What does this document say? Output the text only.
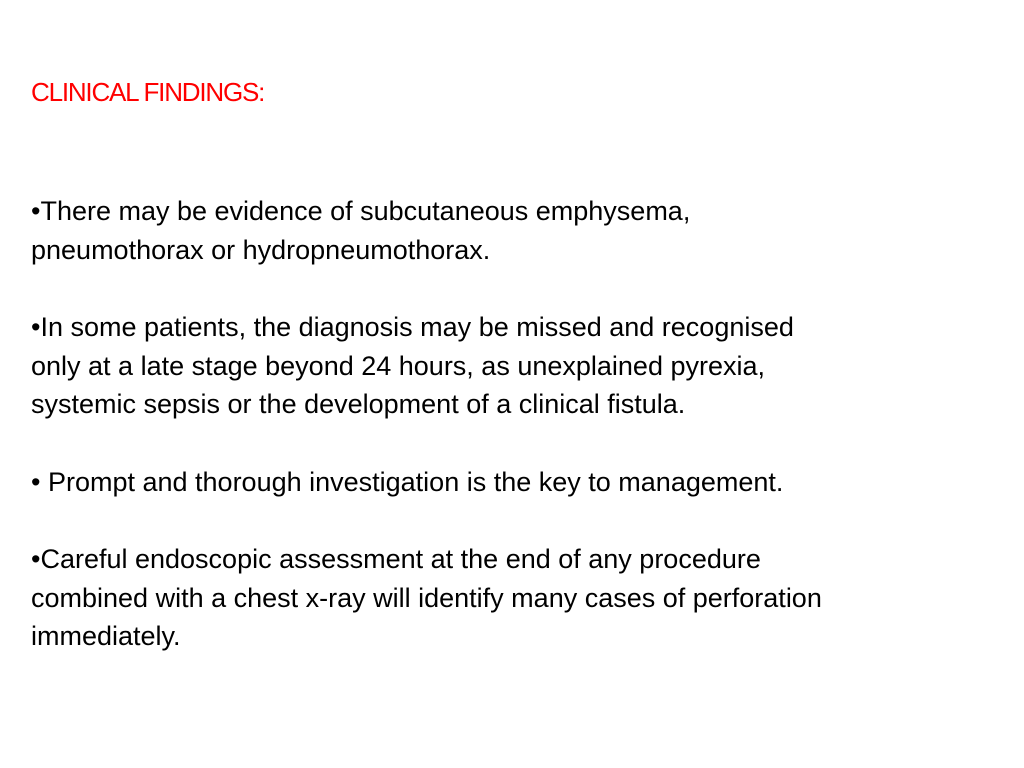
CLINICAL FINDINGS:

•There may be evidence of subcutaneous emphysema,
pneumothorax or hydropneumothorax.

•In some patients, the diagnosis may be missed and recognised
only at a late stage beyond 24 hours, as unexplained pyrexia,
systemic sepsis or the development of a clinical fistula.

• Prompt and thorough investigation is the key to management.

•Careful endoscopic assessment at the end of any procedure
combined with a chest x-ray will identify many cases of perforation
immediately.
